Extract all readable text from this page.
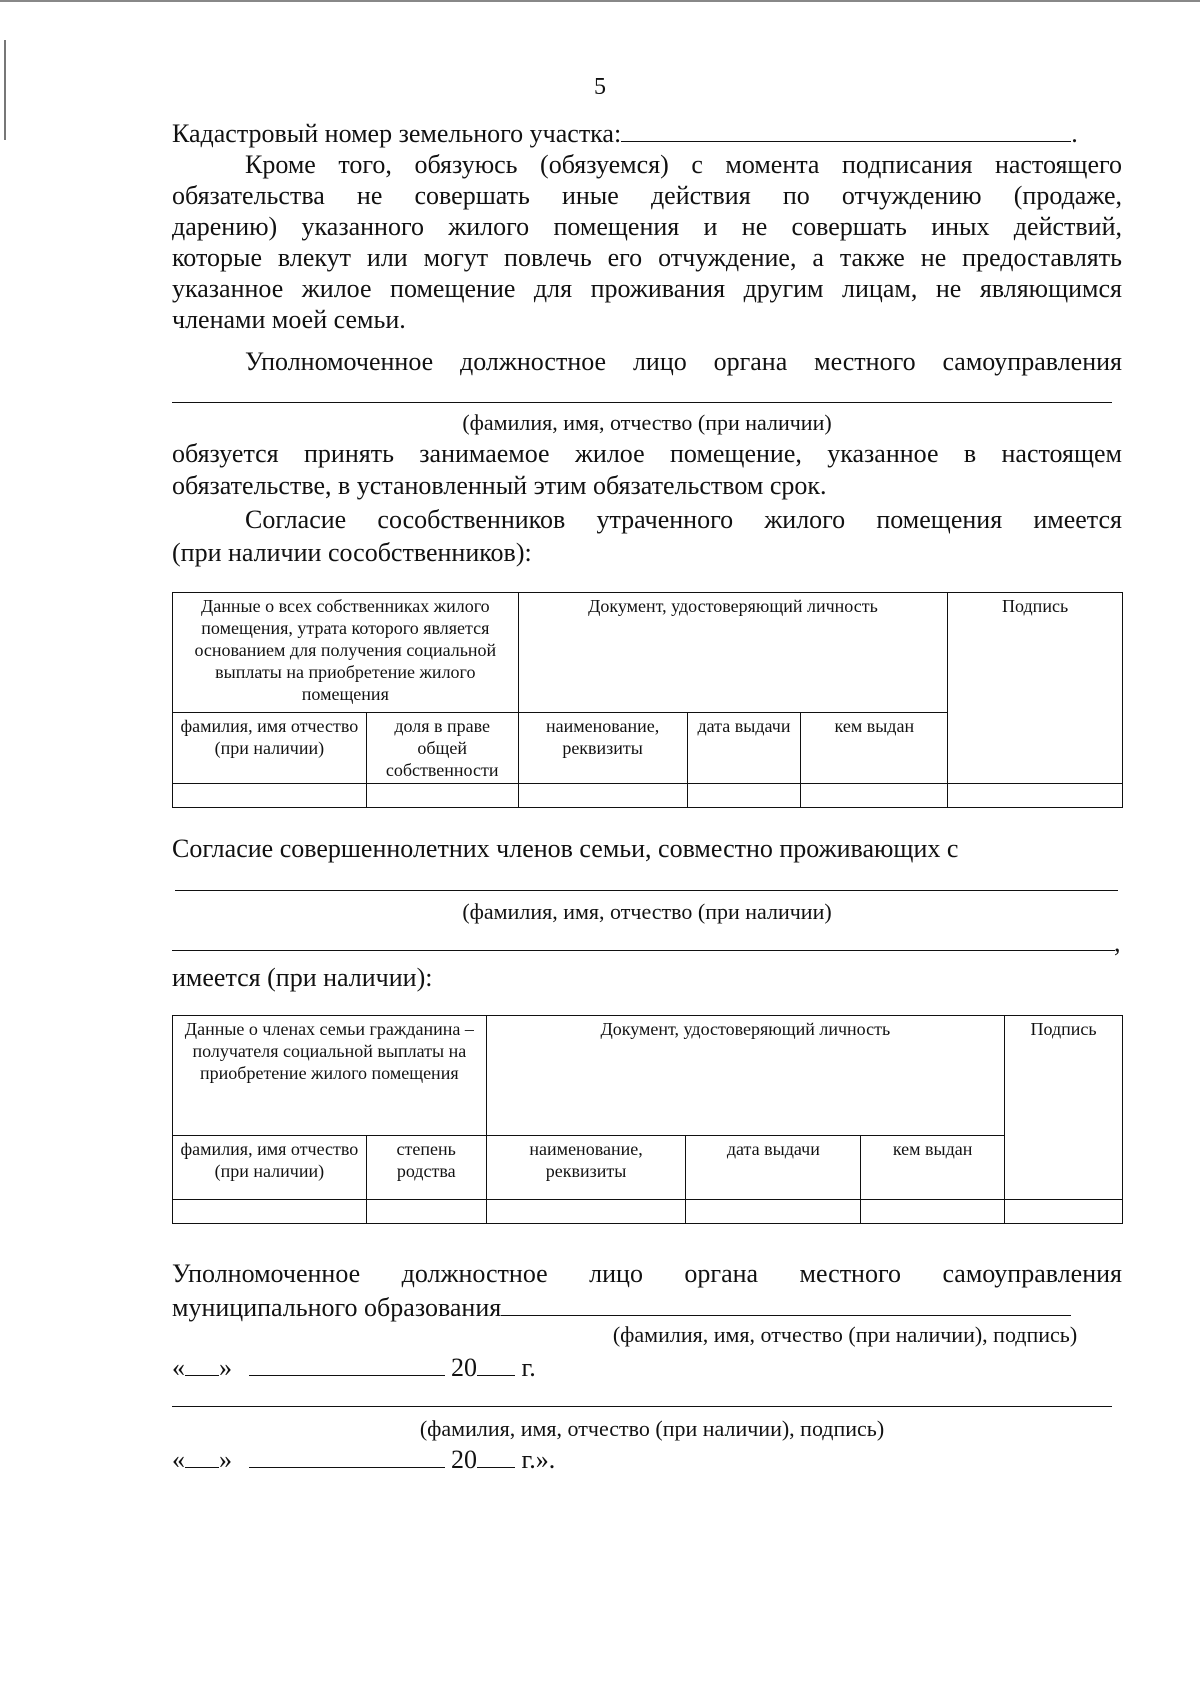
5
Кадастровый номер земельного участка:	.
Кроме того, обязуюсь (обязуемся) с момента подписания настоящего
обязательства не совершать иные действия по отчуждению (продаже,
дарению) указанного жилого помещения и не совершать иных действий,
которые влекут или могут повлечь его отчуждение, а также не предоставлять
указанное жилое помещение для проживания другим лицам, не являющимся
членами моей семьи.
Уполномоченное должностное лицо органа местного самоуправления
(фамилия, имя, отчество (при наличии)
обязуется принять занимаемое жилое помещение, указанное в настоящем
обязательстве, в установленный этим обязательством срок.
Согласие сособственников утраченного жилого помещения имеется
(при наличии сособственников):
Данные о всех собственниках жилого помещения, утрата которого является основанием для получения социальной выплаты на приобретение жилого помещения		Документ, удостоверяющий личность			Подпись
фамилия, имя отчество (при наличии)	доля в праве общей собственности	наименование, реквизиты	дата выдачи	кем выдан	

Согласие совершеннолетних членов семьи, совместно проживающих с
(фамилия, имя, отчество (при наличии)
,
имеется (при наличии):
Данные о членах семьи гражданина – получателя социальной выплаты на приобретение жилого помещения		Документ, удостоверяющий личность			Подпись
фамилия, имя отчество (при наличии)	степень родства	наименование, реквизиты	дата выдачи	кем выдан	

Уполномоченное должностное лицо органа местного самоуправления
муниципального образования
(фамилия, имя, отчество (при наличии), подпись)
« »	20 г.
(фамилия, имя, отчество (при наличии), подпись)
« »	20 г.».
